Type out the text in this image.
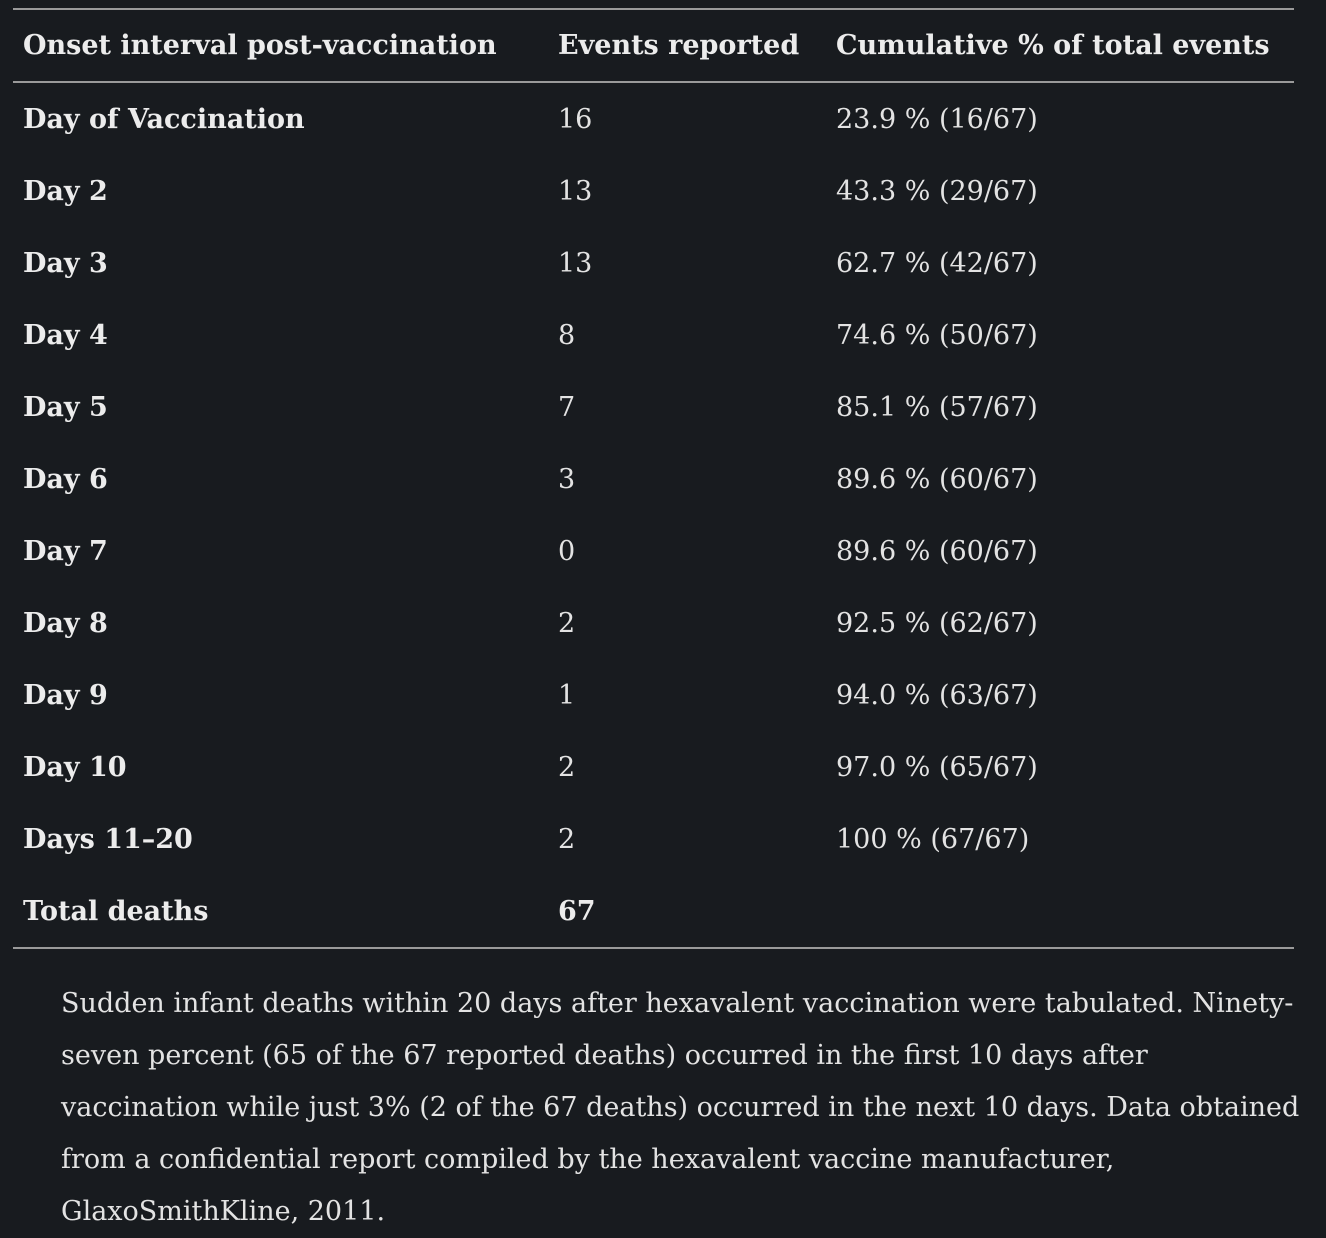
Onset interval post-vaccination	Events reported	Cumulative % of total events
Day of Vaccination	16	23.9 % (16/67)
Day 2	13	43.3 % (29/67)
Day 3	13	62.7 % (42/67)
Day 4	8	74.6 % (50/67)
Day 5	7	85.1 % (57/67)
Day 6	3	89.6 % (60/67)
Day 7	0	89.6 % (60/67)
Day 8	2	92.5 % (62/67)
Day 9	1	94.0 % (63/67)
Day 10	2	97.0 % (65/67)
Days 11–20	2	100 % (67/67)
Total deaths	67	

Sudden infant deaths within 20 days after hexavalent vaccination were tabulated. Ninety-seven percent (65 of the 67 reported deaths) occurred in the first 10 days after vaccination while just 3% (2 of the 67 deaths) occurred in the next 10 days. Data obtained from a confidential report compiled by the hexavalent vaccine manufacturer, GlaxoSmithKline, 2011.
